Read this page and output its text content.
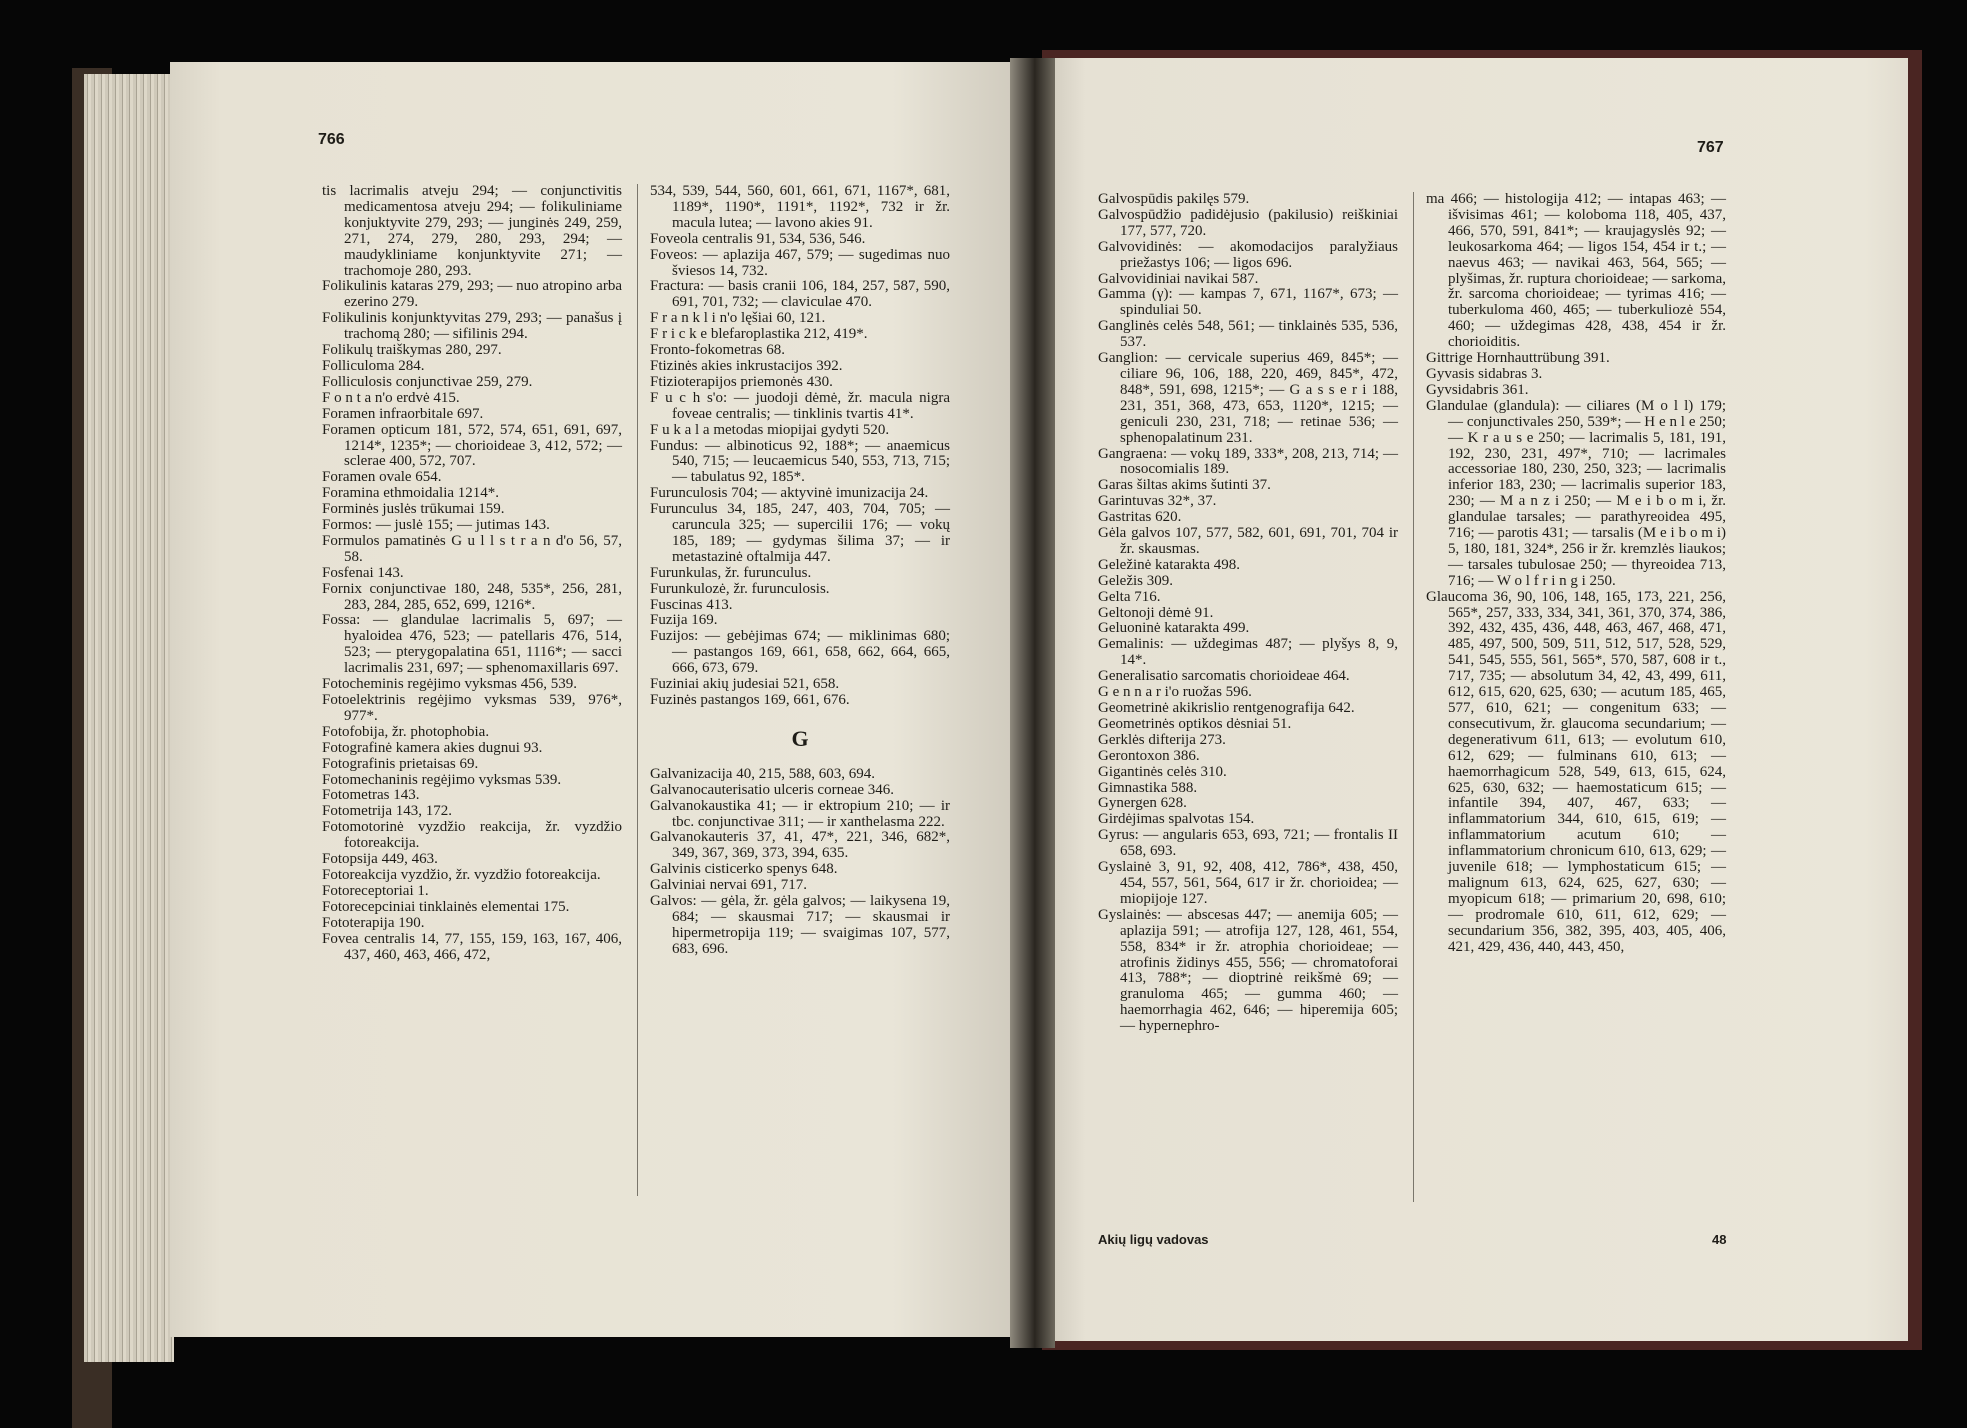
766	767
tis lacrimalis atveju 294; — conjunctivitis medicamentosa atveju 294; — folikuliniame konjuktyvite 279, 293; — junginės 249, 259, 271, 274, 279, 280, 293, 294; — maudykliniame konjunktyvite 271; — trachomoje 280, 293.
Folikulinis kataras 279, 293; — nuo atropino arba ezerino 279.
Folikulinis konjunktyvitas 279, 293; — panašus į trachomą 280; — sifilinis 294.
Folikulų traiškymas 280, 297.
Folliculoma 284.
Folliculosis conjunctivae 259, 279.
F o n t a n'o erdvė 415.
Foramen infraorbitale 697.
Foramen opticum 181, 572, 574, 651, 691, 697, 1214*, 1235*; — chorioideae 3, 412, 572; — sclerae 400, 572, 707.
Foramen ovale 654.
Foramina ethmoidalia 1214*.
Forminės juslės trūkumai 159.
Formos: — juslė 155; — jutimas 143.
Formulos pamatinės G u l l s t r a n d'o 56, 57, 58.
Fosfenai 143.
Fornix conjunctivae 180, 248, 535*, 256, 281, 283, 284, 285, 652, 699, 1216*.
Fossa: — glandulae lacrimalis 5, 697; — hyaloidea 476, 523; — patellaris 476, 514, 523; — pterygopalatina 651, 1116*; — sacci lacrimalis 231, 697; — sphenomaxillaris 697.
Fotocheminis regėjimo vyksmas 456, 539.
Fotoelektrinis regėjimo vyksmas 539, 976*, 977*.
Fotofobija, žr. photophobia.
Fotografinė kamera akies dugnui 93.
Fotografinis prietaisas 69.
Fotomechaninis regėjimo vyksmas 539.
Fotometras 143.
Fotometrija 143, 172.
Fotomotorinė vyzdžio reakcija, žr. vyzdžio fotoreakcija.
Fotopsija 449, 463.
Fotoreakcija vyzdžio, žr. vyzdžio fotoreakcija.
Fotoreceptoriai 1.
Fotorecepciniai tinklainės elementai 175.
Fototerapija 190.
Fovea centralis 14, 77, 155, 159, 163, 167, 406, 437, 460, 463, 466, 472,
534, 539, 544, 560, 601, 661, 671, 1167*, 681, 1189*, 1190*, 1191*, 1192*, 732 ir žr. macula lutea; — lavono akies 91.
Foveola centralis 91, 534, 536, 546.
Foveos: — aplazija 467, 579; — sugedimas nuo šviesos 14, 732.
Fractura: — basis cranii 106, 184, 257, 587, 590, 691, 701, 732; — claviculae 470.
F r a n k l i n'o lęšiai 60, 121.
F r i c k e blefaroplastika 212, 419*.
Fronto-fokometras 68.
Ftizinės akies inkrustacijos 392.
Ftizioterapijos priemonės 430.
F u c h s'o: — juodoji dėmė, žr. macula nigra foveae centralis; — tinklinis tvartis 41*.
F u k a l a metodas miopijai gydyti 520.
Fundus: — albinoticus 92, 188*; — anaemicus 540, 715; — leucaemicus 540, 553, 713, 715; — tabulatus 92, 185*.
Furunculosis 704; — aktyvinė imunizacija 24.
Furunculus 34, 185, 247, 403, 704, 705; — caruncula 325; — supercilii 176; — vokų 185, 189; — gydymas šilima 37; — ir metastazinė oftalmija 447.
Furunkulas, žr. furunculus.
Furunkulozė, žr. furunculosis.
Fuscinas 413.
Fuzija 169.
Fuzijos: — gebėjimas 674; — miklinimas 680; — pastangos 169, 661, 658, 662, 664, 665, 666, 673, 679.
Fuziniai akių judesiai 521, 658.
Fuzinės pastangos 169, 661, 676.
G
Galvanizacija 40, 215, 588, 603, 694.
Galvanocauterisatio ulceris corneae 346.
Galvanokaustika 41; — ir ektropium 210; — ir tbc. conjunctivae 311; — ir xanthelasma 222.
Galvanokauteris 37, 41, 47*, 221, 346, 682*, 349, 367, 369, 373, 394, 635.
Galvinis cisticerko spenys 648.
Galviniai nervai 691, 717.
Galvos: — gėla, žr. gėla galvos; — laikysena 19, 684; — skausmai 717; — skausmai ir hipermetropija 119; — svaigimas 107, 577, 683, 696.
Galvospūdis pakilęs 579.
Galvospūdžio padidėjusio (pakilusio) reiškiniai 177, 577, 720.
Galvovidinės: — akomodacijos paralyžiaus priežastys 106; — ligos 696.
Galvovidiniai navikai 587.
Gamma (γ): — kampas 7, 671, 1167*, 673; — spinduliai 50.
Ganglinės celės 548, 561; — tinklainės 535, 536, 537.
Ganglion: — cervicale superius 469, 845*; — ciliare 96, 106, 188, 220, 469, 845*, 472, 848*, 591, 698, 1215*; — G a s s e r i 188, 231, 351, 368, 473, 653, 1120*, 1215; — geniculi 230, 231, 718; — retinae 536; — sphenopalatinum 231.
Gangraena: — vokų 189, 333*, 208, 213, 714; — nosocomialis 189.
Garas šiltas akims šutinti 37.
Garintuvas 32*, 37.
Gastritas 620.
Gėla galvos 107, 577, 582, 601, 691, 701, 704 ir žr. skausmas.
Geležinė katarakta 498.
Geležis 309.
Gelta 716.
Geltonoji dėmė 91.
Geluoninė katarakta 499.
Gemalinis: — uždegimas 487; — plyšys 8, 9, 14*.
Generalisatio sarcomatis chorioideae 464.
G e n n a r i'o ruožas 596.
Geometrinė akikrislio rentgenografija 642.
Geometrinės optikos dėsniai 51.
Gerklės difterija 273.
Gerontoxon 386.
Gigantinės celės 310.
Gimnastika 588.
Gynergen 628.
Girdėjimas spalvotas 154.
Gyrus: — angularis 653, 693, 721; — frontalis II 658, 693.
Gyslainė 3, 91, 92, 408, 412, 786*, 438, 450, 454, 557, 561, 564, 617 ir žr. chorioidea; — miopijoje 127.
Gyslainės: — abscesas 447; — anemija 605; — aplazija 591; — atrofija 127, 128, 461, 554, 558, 834* ir žr. atrophia chorioideae; — atrofinis židinys 455, 556; — chromatoforai 413, 788*; — dioptrinė reikšmė 69; — granuloma 465; — gumma 460; — haemorrhagia 462, 646; — hiperemija 605; — hypernephro-
ma 466; — histologija 412; — intapas 463; — išvisimas 461; — koloboma 118, 405, 437, 466, 570, 591, 841*; — kraujagyslės 92; — leukosarkoma 464; — ligos 154, 454 ir t.; — naevus 463; — navikai 463, 564, 565; — plyšimas, žr. ruptura chorioideae; — sarkoma, žr. sarcoma chorioideae; — tyrimas 416; — tuberkuloma 460, 465; — tuberkuliozė 554, 460; — uždegimas 428, 438, 454 ir žr. chorioiditis.
Gittrige Hornhauttrübung 391.
Gyvasis sidabras 3.
Gyvsidabris 361.
Glandulae (glandula): — ciliares (M o l l) 179; — conjunctivales 250, 539*; — H e n l e 250; — K r a u s e 250; — lacrimalis 5, 181, 191, 192, 230, 231, 497*, 710; — lacrimales accessoriae 180, 230, 250, 323; — lacrimalis inferior 183, 230; — lacrimalis superior 183, 230; — M a n z i 250; — M e i b o m i, žr. glandulae tarsales; — parathyreoidea 495, 716; — parotis 431; — tarsalis (M e i b o m i) 5, 180, 181, 324*, 256 ir žr. kremzlės liaukos; — tarsales tubulosae 250; — thyreoidea 713, 716; — W o l f r i n g i 250.
Glaucoma 36, 90, 106, 148, 165, 173, 221, 256, 565*, 257, 333, 334, 341, 361, 370, 374, 386, 392, 432, 435, 436, 448, 463, 467, 468, 471, 485, 497, 500, 509, 511, 512, 517, 528, 529, 541, 545, 555, 561, 565*, 570, 587, 608 ir t., 717, 735; — absolutum 34, 42, 43, 499, 611, 612, 615, 620, 625, 630; — acutum 185, 465, 577, 610, 621; — congenitum 633; — consecutivum, žr. glaucoma secundarium; — degenerativum 611, 613; — evolutum 610, 612, 629; — fulminans 610, 613; — haemorrhagicum 528, 549, 613, 615, 624, 625, 630, 632; — haemostaticum 615; — infantile 394, 407, 467, 633; — inflammatorium 344, 610, 615, 619; — inflammatorium acutum 610; — inflammatorium chronicum 610, 613, 629; — juvenile 618; — lymphostaticum 615; — malignum 613, 624, 625, 627, 630; — myopicum 618; — primarium 20, 698, 610; — prodromale 610, 611, 612, 629; — secundarium 356, 382, 395, 403, 405, 406, 421, 429, 436, 440, 443, 450,
Akių ligų vadovas	48
